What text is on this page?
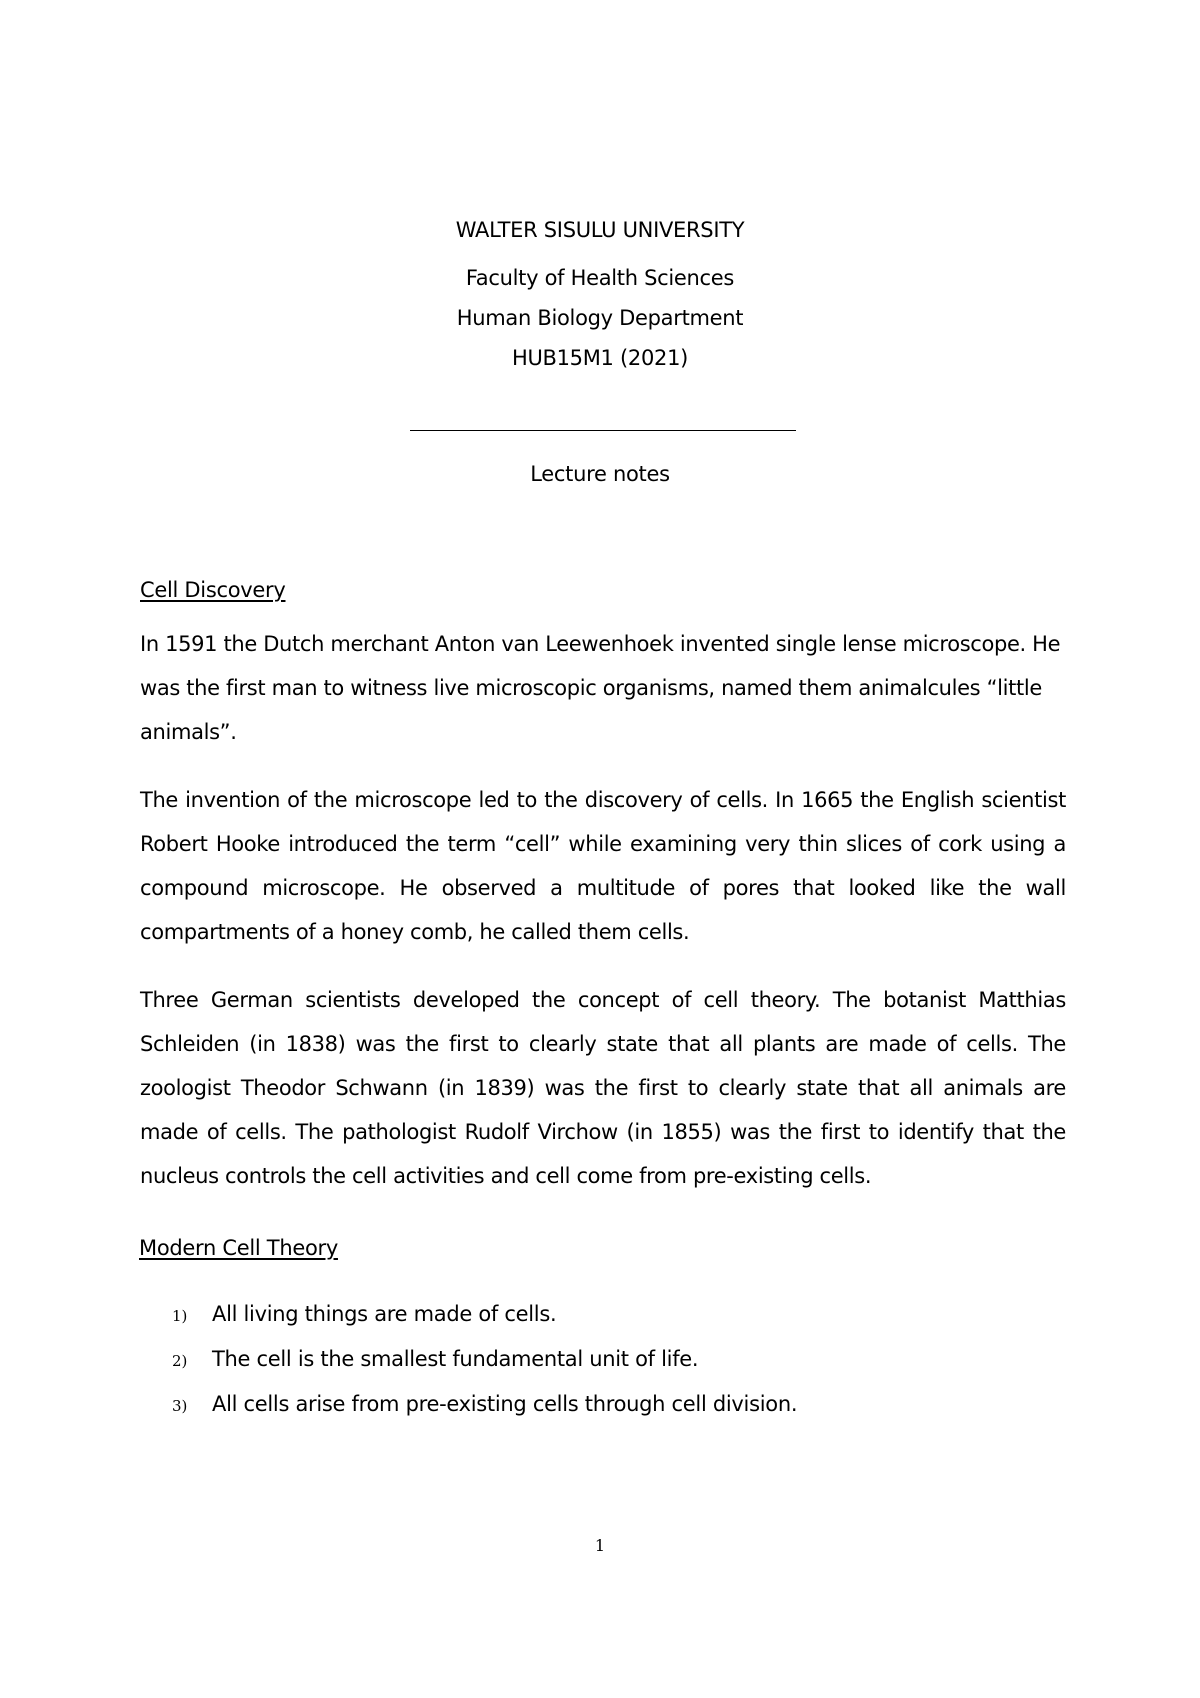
WALTER SISULU UNIVERSITY
Faculty of Health Sciences
Human Biology Department
HUB15M1 (2021)
Lecture notes
Cell Discovery

In 1591 the Dutch merchant Anton van Leewenhoek invented single lense microscope. He was the first man to witness live microscopic organisms, named them animalcules “little animals”.

The invention of the microscope led to the discovery of cells. In 1665 the English scientist Robert Hooke introduced the term “cell” while examining very thin slices of cork using a compound microscope. He observed a multitude of pores that looked like the wall compartments of a honey comb, he called them cells.

Three German scientists developed the concept of cell theory. The botanist Matthias Schleiden (in 1838) was the first to clearly state that all plants are made of cells. The zoologist Theodor Schwann (in 1839) was the first to clearly state that all animals are made of cells. The pathologist Rudolf Virchow (in 1855) was the first to identify that the nucleus controls the cell activities and cell come from pre-existing cells.

Modern Cell Theory
1)	All living things are made of cells.
2)	The cell is the smallest fundamental unit of life.
3)	All cells arise from pre-existing cells through cell division.
1
